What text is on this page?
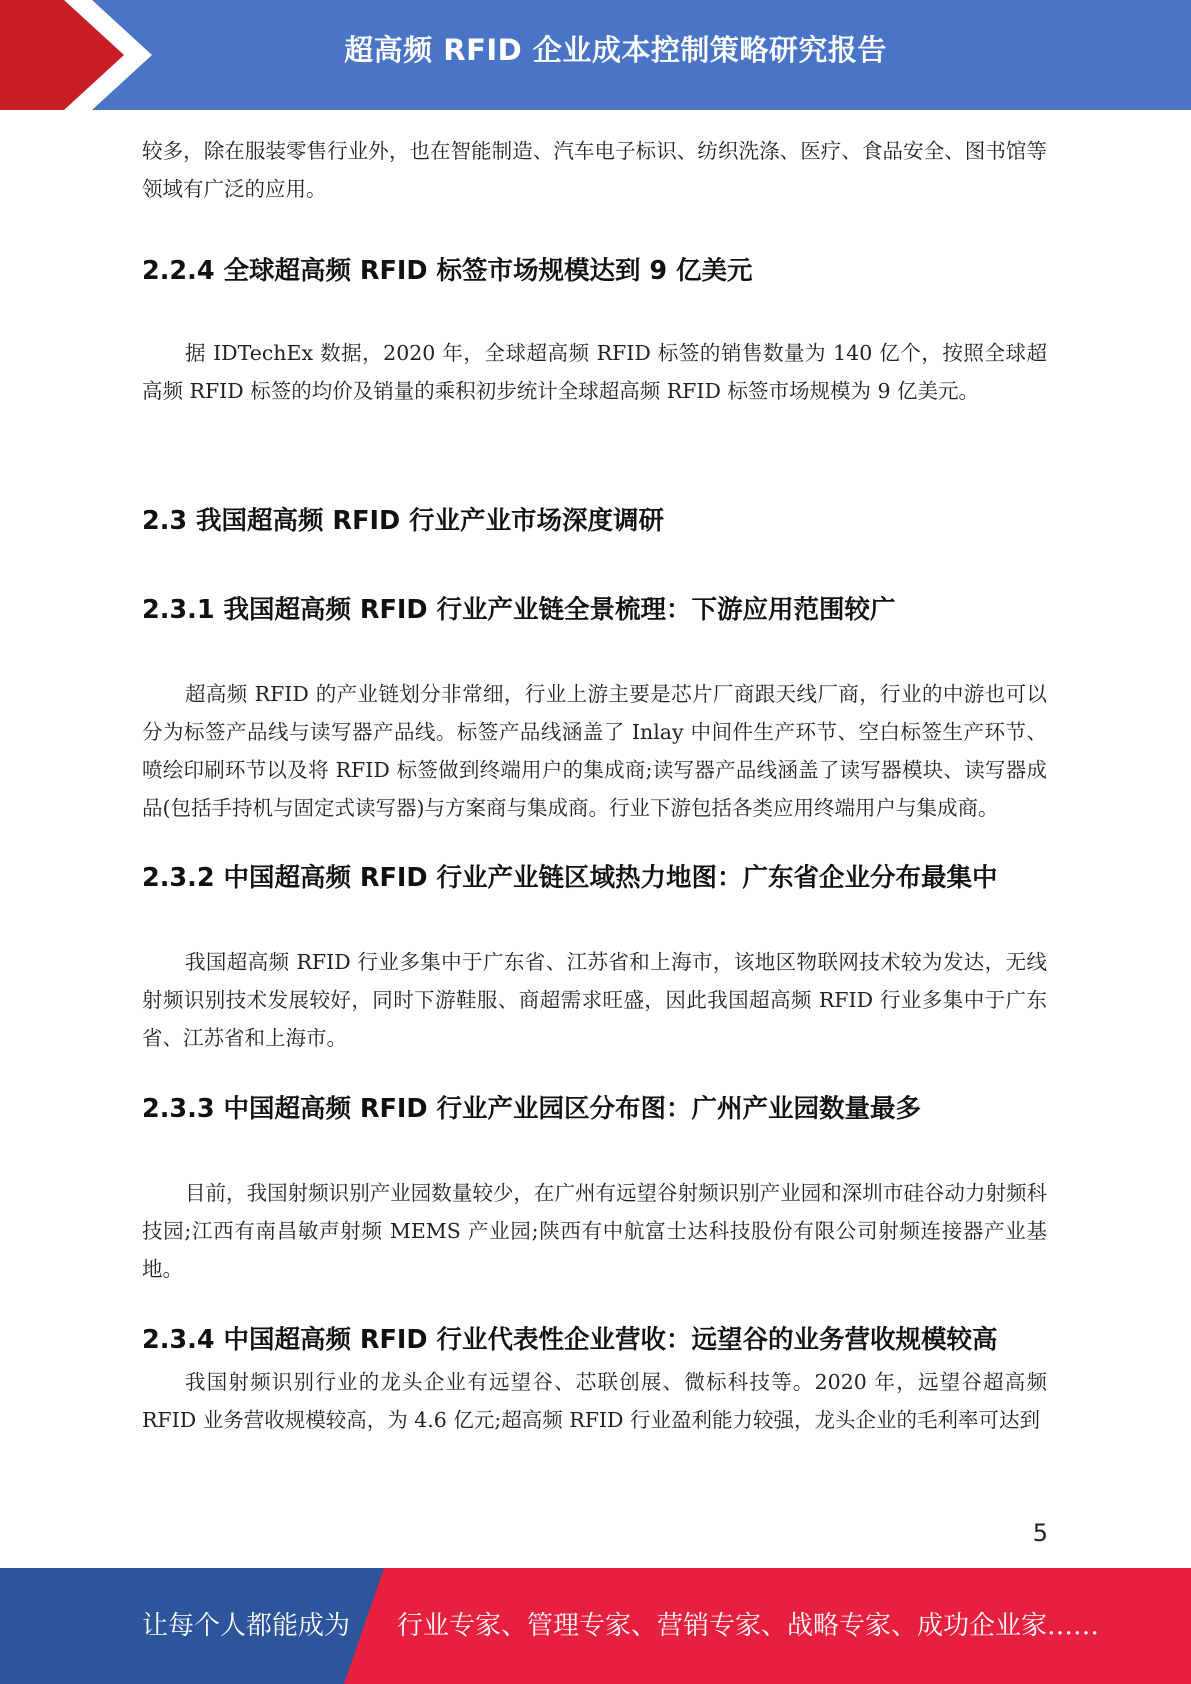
超高频 RFID 企业成本控制策略研究报告

较多，除在服装零售行业外，也在智能制造、汽车电子标识、纺织洗涤、医疗、食品安全、图书馆等领域有广泛的应用。

2.2.4 全球超高频 RFID 标签市场规模达到 9 亿美元

据 IDTechEx 数据，2020 年，全球超高频 RFID 标签的销售数量为 140 亿个，按照全球超高频 RFID 标签的均价及销量的乘积初步统计全球超高频 RFID 标签市场规模为 9 亿美元。

2.3 我国超高频 RFID 行业产业市场深度调研
2.3.1 我国超高频 RFID 行业产业链全景梳理：下游应用范围较广

超高频 RFID 的产业链划分非常细，行业上游主要是芯片厂商跟天线厂商，行业的中游也可以分为标签产品线与读写器产品线。标签产品线涵盖了 Inlay 中间件生产环节、空白标签生产环节、喷绘印刷环节以及将 RFID 标签做到终端用户的集成商;读写器产品线涵盖了读写器模块、读写器成品(包括手持机与固定式读写器)与方案商与集成商。行业下游包括各类应用终端用户与集成商。

2.3.2 中国超高频 RFID 行业产业链区域热力地图：广东省企业分布最集中

我国超高频 RFID 行业多集中于广东省、江苏省和上海市，该地区物联网技术较为发达，无线射频识别技术发展较好，同时下游鞋服、商超需求旺盛，因此我国超高频 RFID 行业多集中于广东省、江苏省和上海市。

2.3.3 中国超高频 RFID 行业产业园区分布图：广州产业园数量最多

目前，我国射频识别产业园数量较少，在广州有远望谷射频识别产业园和深圳市硅谷动力射频科技园;江西有南昌敏声射频 MEMS 产业园;陕西有中航富士达科技股份有限公司射频连接器产业基地。

2.3.4 中国超高频 RFID 行业代表性企业营收：远望谷的业务营收规模较高

我国射频识别行业的龙头企业有远望谷、芯联创展、微标科技等。2020 年，远望谷超高频 RFID 业务营收规模较高，为 4.6 亿元;超高频 RFID 行业盈利能力较强，龙头企业的毛利率可达到

5
让每个人都能成为 行业专家、管理专家、营销专家、战略专家、成功企业家……
